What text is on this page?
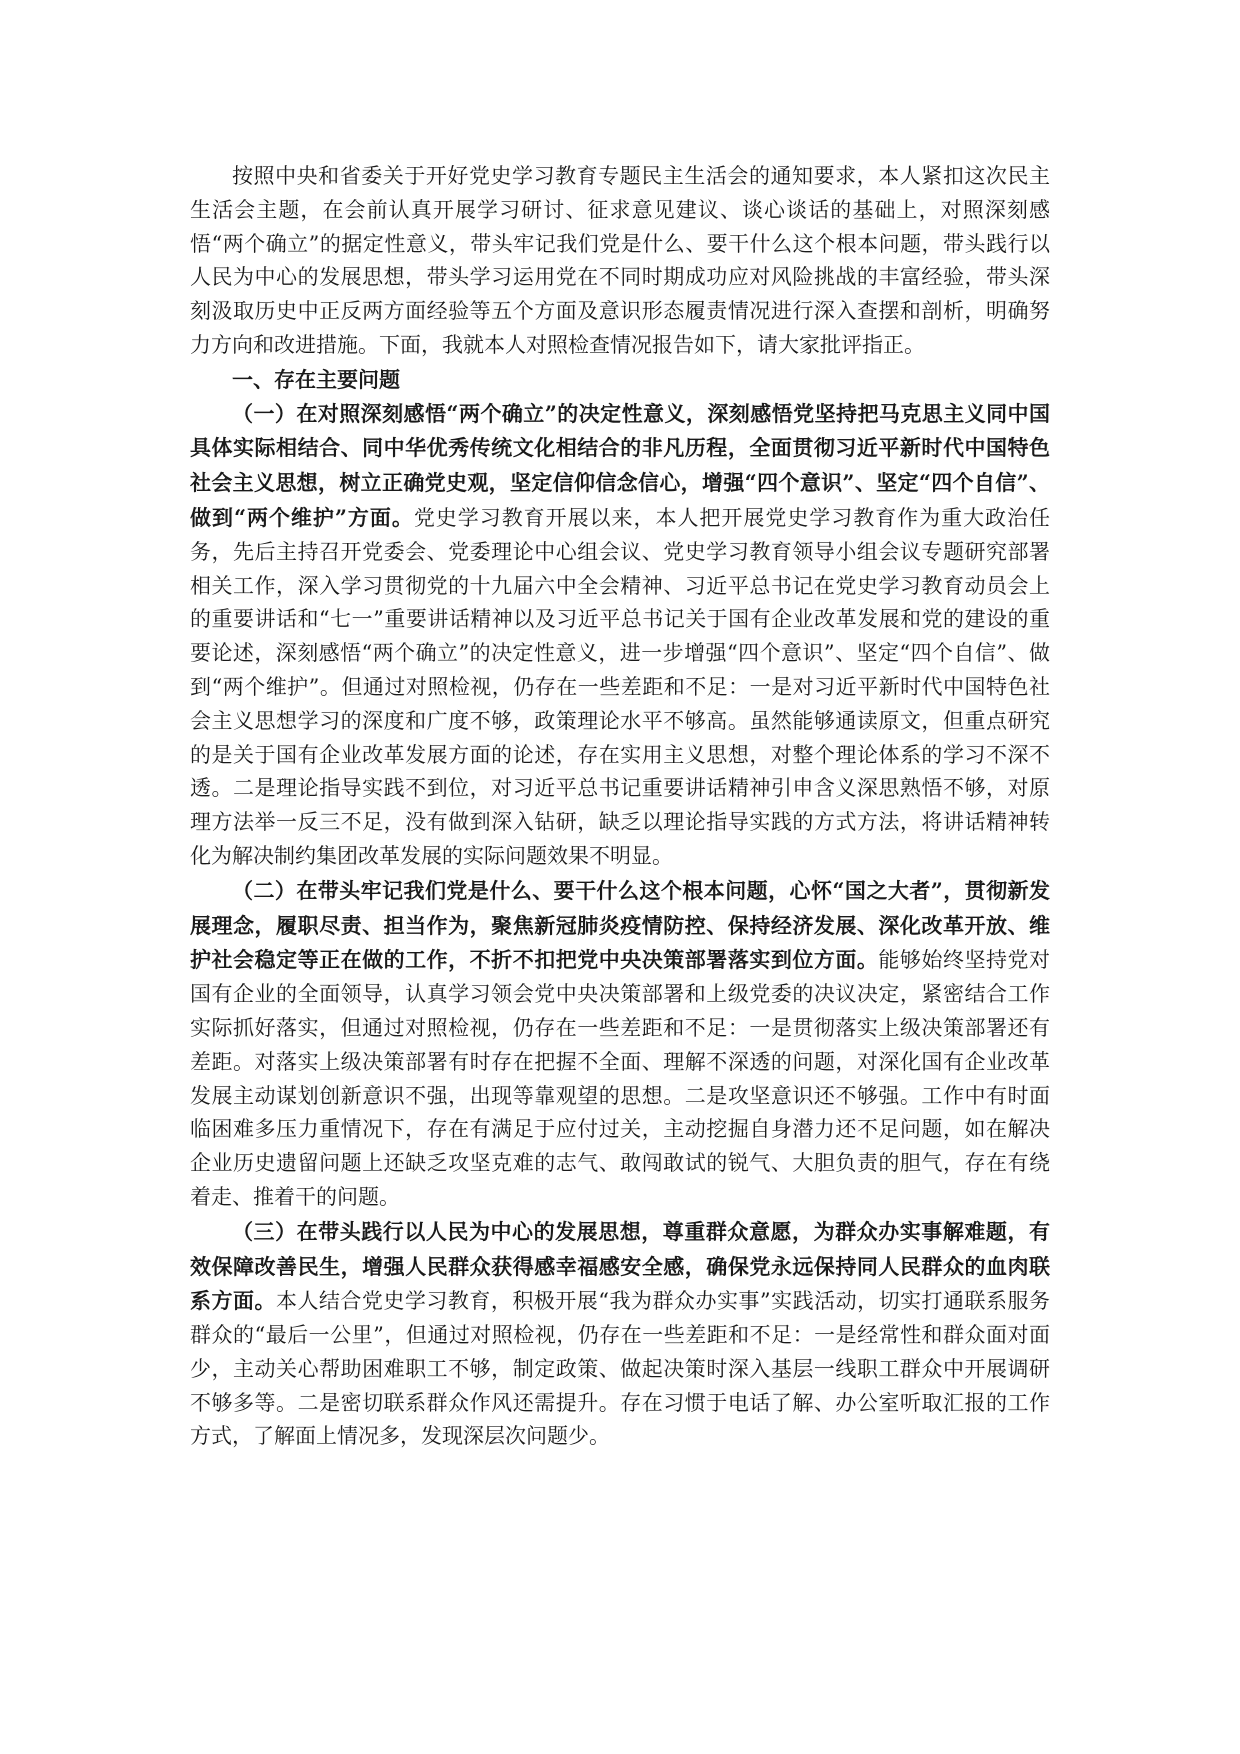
按照中央和省委关于开好党史学习教育专题民主生活会的通知要求，本人紧扣这次民主生活会主题，在会前认真开展学习研讨、征求意见建议、谈心谈话的基础上，对照深刻感悟“两个确立”的据定性意义，带头牢记我们党是什么、要干什么这个根本问题，带头践行以人民为中心的发展思想，带头学习运用党在不同时期成功应对风险挑战的丰富经验，带头深刻汲取历史中正反两方面经验等五个方面及意识形态履责情况进行深入查摆和剖析，明确努力方向和改进措施。下面，我就本人对照检查情况报告如下，请大家批评指正。

一、存在主要问题

（一）在对照深刻感悟“两个确立”的决定性意义，深刻感悟党坚持把马克思主义同中国具体实际相结合、同中华优秀传统文化相结合的非凡历程，全面贯彻习近平新时代中国特色社会主义思想，树立正确党史观，坚定信仰信念信心，增强“四个意识”、坚定“四个自信”、做到“两个维护”方面。党史学习教育开展以来，本人把开展党史学习教育作为重大政治任务，先后主持召开党委会、党委理论中心组会议、党史学习教育领导小组会议专题研究部署相关工作，深入学习贯彻党的十九届六中全会精神、习近平总书记在党史学习教育动员会上的重要讲话和“七一”重要讲话精神以及习近平总书记关于国有企业改革发展和党的建设的重要论述，深刻感悟“两个确立”的决定性意义，进一步增强“四个意识”、坚定“四个自信”、做到“两个维护”。但通过对照检视，仍存在一些差距和不足：一是对习近平新时代中国特色社会主义思想学习的深度和广度不够，政策理论水平不够高。虽然能够通读原文，但重点研究的是关于国有企业改革发展方面的论述，存在实用主义思想，对整个理论体系的学习不深不透。二是理论指导实践不到位，对习近平总书记重要讲话精神引申含义深思熟悟不够，对原理方法举一反三不足，没有做到深入钻研，缺乏以理论指导实践的方式方法，将讲话精神转化为解决制约集团改革发展的实际问题效果不明显。

（二）在带头牢记我们党是什么、要干什么这个根本问题，心怀“国之大者”，贯彻新发展理念，履职尽责、担当作为，聚焦新冠肺炎疫情防控、保持经济发展、深化改革开放、维护社会稳定等正在做的工作，不折不扣把党中央决策部署落实到位方面。能够始终坚持党对国有企业的全面领导，认真学习领会党中央决策部署和上级党委的决议决定，紧密结合工作实际抓好落实，但通过对照检视，仍存在一些差距和不足：一是贯彻落实上级决策部署还有差距。对落实上级决策部署有时存在把握不全面、理解不深透的问题，对深化国有企业改革发展主动谋划创新意识不强，出现等靠观望的思想。二是攻坚意识还不够强。工作中有时面临困难多压力重情况下，存在有满足于应付过关，主动挖掘自身潜力还不足问题，如在解决企业历史遗留问题上还缺乏攻坚克难的志气、敢闯敢试的锐气、大胆负责的胆气，存在有绕着走、推着干的问题。

（三）在带头践行以人民为中心的发展思想，尊重群众意愿，为群众办实事解难题，有效保障改善民生，增强人民群众获得感幸福感安全感，确保党永远保持同人民群众的血肉联系方面。本人结合党史学习教育，积极开展“我为群众办实事”实践活动，切实打通联系服务群众的“最后一公里”，但通过对照检视，仍存在一些差距和不足：一是经常性和群众面对面少，主动关心帮助困难职工不够，制定政策、做起决策时深入基层一线职工群众中开展调研不够多等。二是密切联系群众作风还需提升。存在习惯于电话了解、办公室听取汇报的工作方式，了解面上情况多，发现深层次问题少。
